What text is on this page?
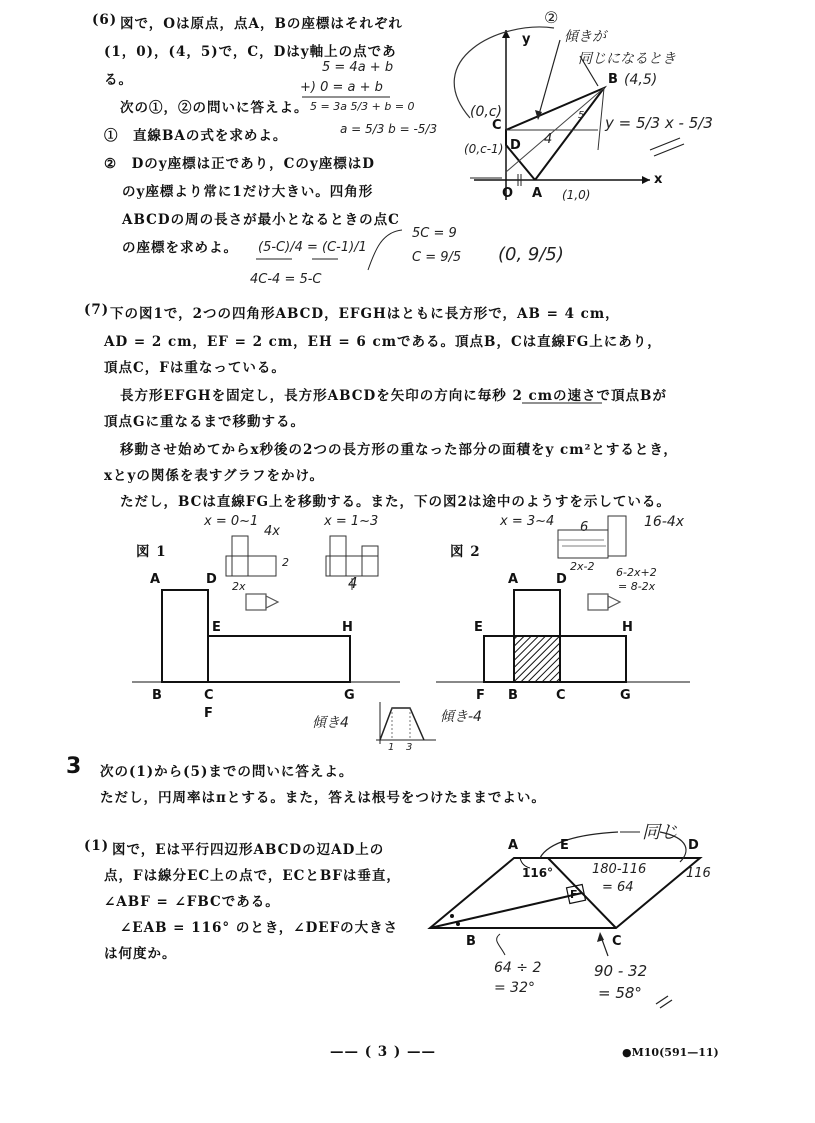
(6) 図で，Oは原点，点A，Bの座標はそれぞれ
(1，0)，(4，5)で，C，Dはy軸上の点であ
る。
次の①，②の問いに答えよ。
①　直線BAの式を求めよ。
②　Dのy座標は正であり，Cのy座標はD
のy座標より常に1だけ大きい。四角形
ABCDの周の長さが最小となるときの点C
の座標を求めよ。
5 = 4a + b
+) 0 = a + b
5 = 3a 5/3 + b = 0
a = 5/3 b = -5/3
(5-C)/4 = (C-1)/1
4C-4 = 5-C
5C = 9
C = 9/5 (0, 9/5)
y
x
O A
B
C
D
②
傾きが
同じになるとき
(4,5)
(0,c)
(0,c-1)
(1,0)
y = 5/3 x - 5/3
4
5
(7) 下の図1で，2つの四角形ABCD，EFGHはともに長方形で，AB = 4 cm，
AD = 2 cm，EF = 2 cm，EH = 6 cmである。頂点B，Cは直線FG上にあり，
頂点C，Fは重なっている。
長方形EFGHを固定し，長方形ABCDを矢印の方向に毎秒 2 cmの速さで頂点Bが
頂点Gに重なるまで移動する。
移動させ始めてからx秒後の2つの長方形の重なった部分の面積をy cm²とするとき，
xとyの関係を表すグラフをかけ。
ただし，BCは直線FG上を移動する。また，下の図2は途中のようすを示している。
図 1
A	D
E	H
B	C
F
G
x = 0~1	x = 1~3	x = 3~4
4x
2
2x	4
6	16-4x
2x-2 6-2x+2
= 8-2x
図 2
A	D
E	H
F B	C	G
傾き4	傾き-4
1 3
3 次の(1)から(5)までの問いに答えよ。
ただし，円周率はπとする。また，答えは根号をつけたままでよい。
(1) 図で，Eは平行四辺形ABCDの辺AD上の
点，Fは線分EC上の点で，ECとBFは垂直，
∠ABF = ∠FBCである。
∠EAB = 116° のとき，∠DEFの大きさ
は何度か。
A	E	D
B	C
F
116°
同じ
180-116
= 64
116
64 ÷ 2
= 32°
90 - 32
= 58°
—— ( 3 ) ——	●M10(591—11)
